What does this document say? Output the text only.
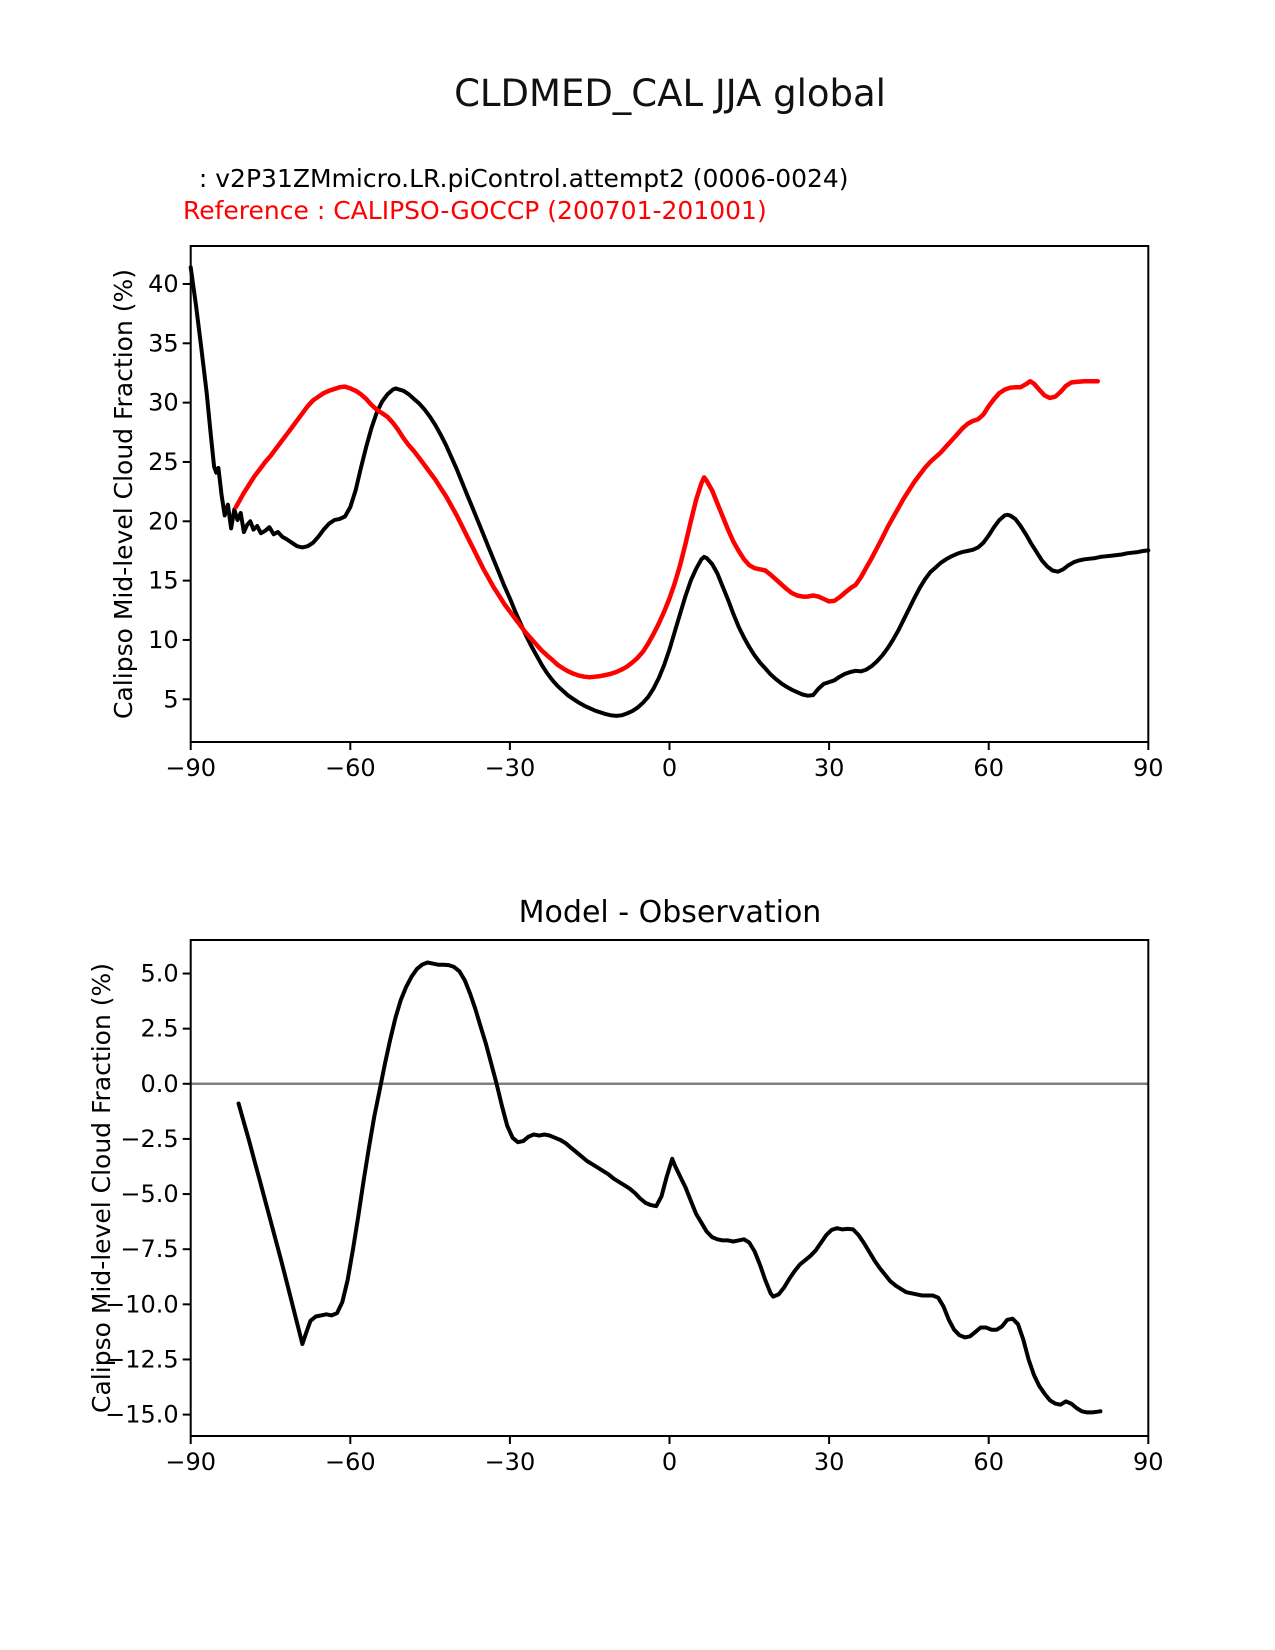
CLDMED_CAL JJA global
: v2P31ZMmicro.LR.piControl.attempt2 (0006-0024)
Reference : CALIPSO-GOCCP (200701-201001)
Calipso Mid-level Cloud Fraction (%)
Model - Observation
Calipso Mid-level Cloud Fraction (%)
−90	−60	−30	0	30	60	90
5
10
15
20
25
30
35
40
−90	−60	−30	0	30	60	90
5.0
2.5
0.0
−2.5
−5.0
−7.5
−10.0
−12.5
−15.0
